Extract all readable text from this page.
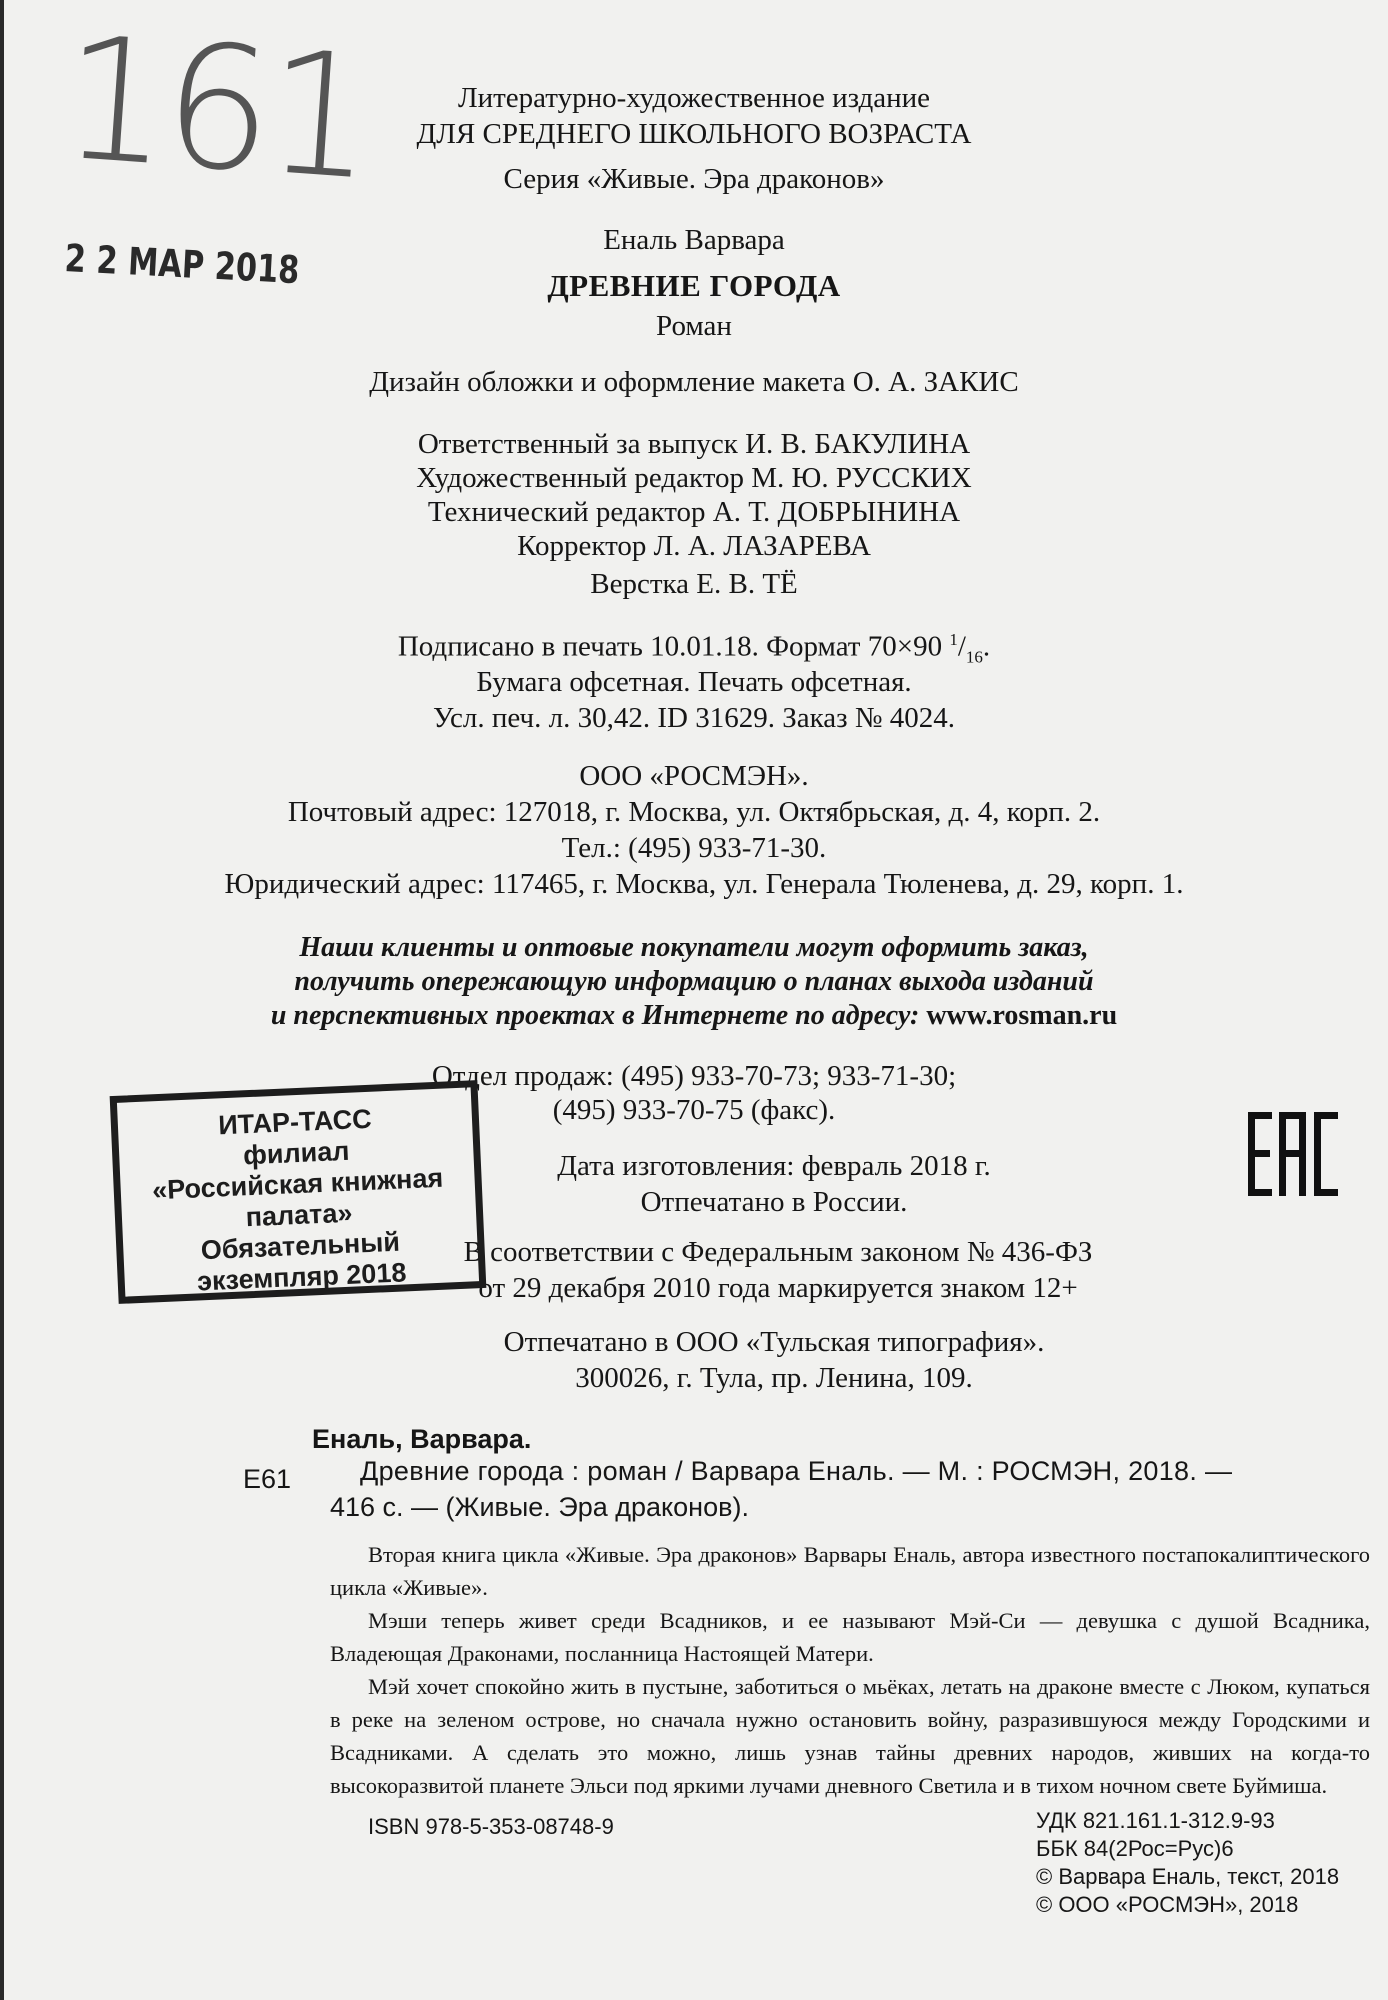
161
2 2 МАР 2018
Литературно-художественное издание
ДЛЯ СРЕДНЕГО ШКОЛЬНОГО ВОЗРАСТА
Серия «Живые. Эра драконов»
Еналь Варвара
ДРЕВНИЕ ГОРОДА
Роман
Дизайн обложки и оформление макета О. А. ЗАКИС
Ответственный за выпуск И. В. БАКУЛИНА
Художественный редактор М. Ю. РУССКИХ
Технический редактор А. Т. ДОБРЫНИНА
Корректор Л. А. ЛАЗАРЕВА
Верстка Е. В. ТЁ
Подписано в печать 10.01.18. Формат 70×90 $^1/_{16}$.
Бумага офсетная. Печать офсетная.
Усл. печ. л. 30,42. ID 31629. Заказ № 4024.
ООО «РОСМЭН».
Почтовый адрес: 127018, г. Москва, ул. Октябрьская, д. 4, корп. 2.
Тел.: (495) 933-71-30.
Юридический адрес: 117465, г. Москва, ул. Генерала Тюленева, д. 29, корп. 1.
Наши клиенты и оптовые покупатели могут оформить заказ,
получить опережающую информацию о планах выхода изданий
и перспективных проектах в Интернете по адресу: www.rosman.ru
Отдел продаж: (495) 933-70-73; 933-71-30;
(495) 933-70-75 (факс).
Дата изготовления: февраль 2018 г.
Отпечатано в России.
В соответствии с Федеральным законом № 436-ФЗ
от 29 декабря 2010 года маркируется знаком 12+
Отпечатано в ООО «Тульская типография».
300026, г. Тула, пр. Ленина, 109.
ИТАР-ТАСС
филиал
«Российская книжная
палата»
Обязательный
экземпляр 2018
Еналь, Варвара.
Е61	Древние города : роман / Варвара Еналь. — М. : РОСМЭН, 2018. —
416 с. — (Живые. Эра драконов).

Вторая книга цикла «Живые. Эра драконов» Варвары Еналь, автора известного постапокалиптического цикла «Живые».

Мэши теперь живет среди Всадников, и ее называют Мэй-Си — девушка с душой Всадника, Владеющая Драконами, посланница Настоящей Матери.

Мэй хочет спокойно жить в пустыне, заботиться о мьёках, летать на драконе вместе с Люком, купаться в реке на зеленом острове, но сначала нужно остановить войну, разразившуюся между Городскими и Всадниками. А сделать это можно, лишь узнав тайны древних народов, живших на когда-то высокоразвитой планете Эльси под яркими лучами дневного Светила и в тихом ночном свете Буймиша.

ISBN 978-5-353-08748-9	УДК 821.161.1-312.9-93
ББК 84(2Рос=Рус)6
© Варвара Еналь, текст, 2018
© ООО «РОСМЭН», 2018
